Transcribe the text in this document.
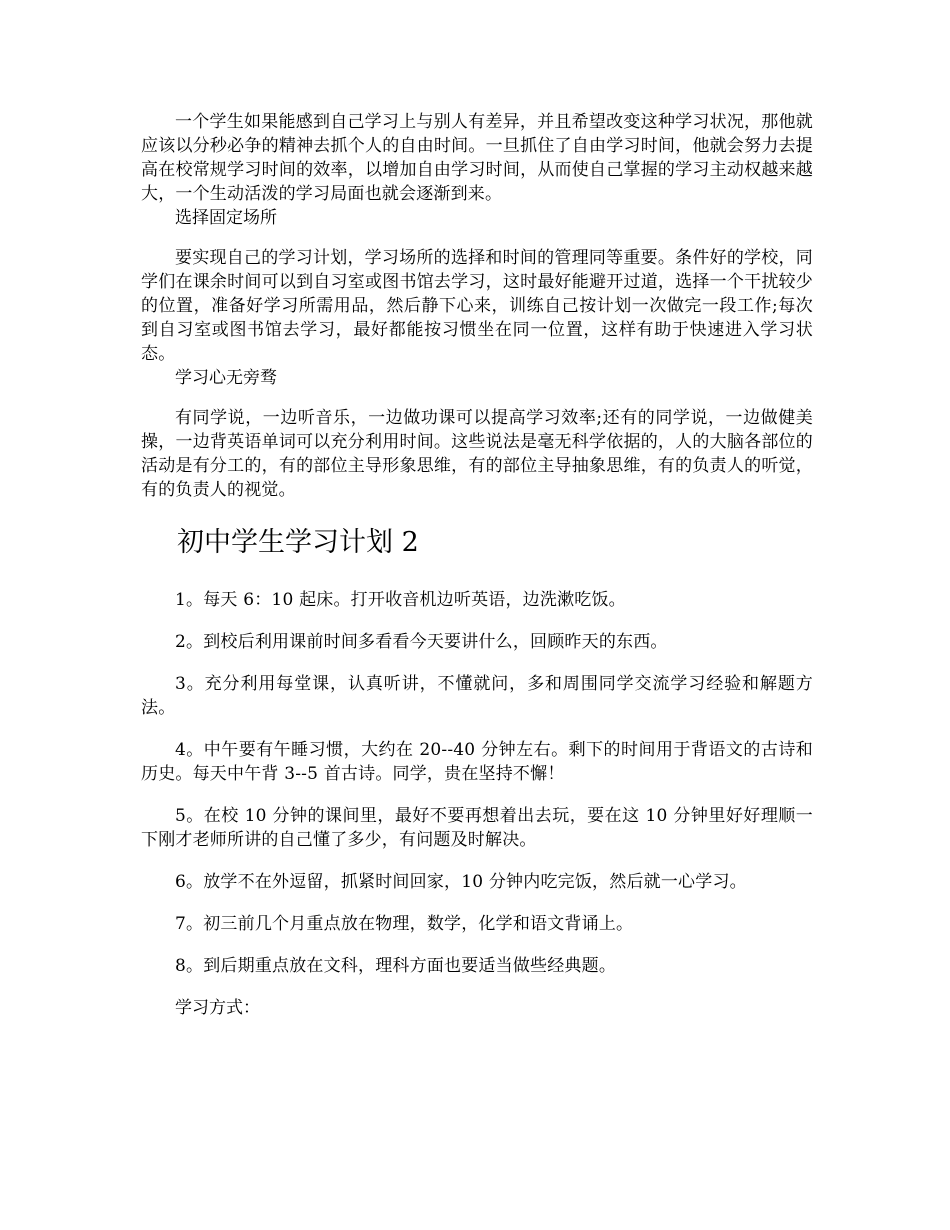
一个学生如果能感到自己学习上与别人有差异，并且希望改变这种学习状况，那他就应该以分秒必争的精神去抓个人的自由时间。一旦抓住了自由学习时间，他就会努力去提高在校常规学习时间的效率，以增加自由学习时间，从而使自己掌握的学习主动权越来越大，一个生动活泼的学习局面也就会逐渐到来。

选择固定场所

要实现自己的学习计划，学习场所的选择和时间的管理同等重要。条件好的学校，同学们在课余时间可以到自习室或图书馆去学习，这时最好能避开过道，选择一个干扰较少的位置，准备好学习所需用品，然后静下心来，训练自己按计划一次做完一段工作;每次到自习室或图书馆去学习，最好都能按习惯坐在同一位置，这样有助于快速进入学习状态。

学习心无旁骛

有同学说，一边听音乐，一边做功课可以提高学习效率;还有的同学说，一边做健美操，一边背英语单词可以充分利用时间。这些说法是毫无科学依据的，人的大脑各部位的活动是有分工的，有的部位主导形象思维，有的部位主导抽象思维，有的负责人的听觉，有的负责人的视觉。

初中学生学习计划 2

1。每天 6：10 起床。打开收音机边听英语，边洗漱吃饭。

2。到校后利用课前时间多看看今天要讲什么，回顾昨天的东西。

3。充分利用每堂课，认真听讲，不懂就问，多和周围同学交流学习经验和解题方法。

4。中午要有午睡习惯，大约在 20--40 分钟左右。剩下的时间用于背语文的古诗和历史。每天中午背 3--5 首古诗。同学，贵在坚持不懈！

5。在校 10 分钟的课间里，最好不要再想着出去玩，要在这 10 分钟里好好理顺一下刚才老师所讲的自己懂了多少，有问题及时解决。

6。放学不在外逗留，抓紧时间回家，10 分钟内吃完饭，然后就一心学习。

7。初三前几个月重点放在物理，数学，化学和语文背诵上。

8。到后期重点放在文科，理科方面也要适当做些经典题。

学习方式：
